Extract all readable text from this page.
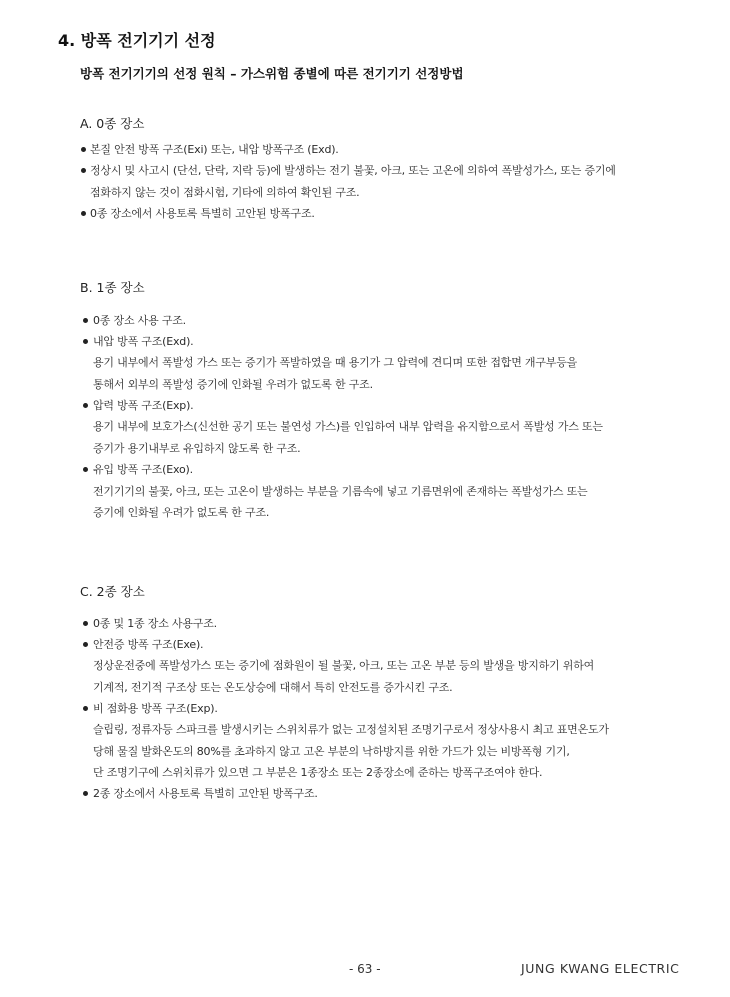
4. 방폭 전기기기 선정
방폭 전기기기의 선정 원칙 – 가스위험 종별에 따른 전기기기 선정방법
A. 0종 장소
본질 안전 방폭 구조(Exi) 또는, 내압 방폭구조 (Exd).
정상시 및 사고시 (단선, 단락, 지락 등)에 발생하는 전기 불꽃, 아크, 또는 고온에 의하여 폭발성가스, 또는 증기에
점화하지 않는 것이 점화시험, 기타에 의하여 확인된 구조.
0종 장소에서 사용토록 특별히 고안된 방폭구조.
B. 1종 장소
0종 장소 사용 구조.
내압 방폭 구조(Exd).
용기 내부에서 폭발성 가스 또는 증기가 폭발하였을 때 용기가 그 압력에 견디며 또한 접합면 개구부등을
통해서 외부의 폭발성 증기에 인화될 우려가 없도록 한 구조.
압력 방폭 구조(Exp).
용기 내부에 보호가스(신선한 공기 또는 불연성 가스)를 인입하여 내부 압력을 유지함으로서 폭발성 가스 또는
증기가 용기내부로 유입하지 않도록 한 구조.
유입 방폭 구조(Exo).
전기기기의 불꽃, 아크, 또는 고온이 발생하는 부분을 기름속에 넣고 기름면위에 존재하는 폭발성가스 또는
증기에 인화될 우려가 없도록 한 구조.
C. 2종 장소
0종 및 1종 장소 사용구조.
안전증 방폭 구조(Exe).
정상운전중에 폭발성가스 또는 증기에 점화원이 될 불꽃, 아크, 또는 고온 부분 등의 발생을 방지하기 위하여
기계적, 전기적 구조상 또는 온도상승에 대해서 특히 안전도를 증가시킨 구조.
비 점화용 방폭 구조(Exp).
슬립링, 정류자등 스파크를 발생시키는 스위치류가 없는 고정설치된 조명기구로서 정상사용시 최고 표면온도가
당해 물질 발화온도의 80%를 초과하지 않고 고온 부분의 낙하방지를 위한 가드가 있는 비방폭형 기기,
단 조명기구에 스위치류가 있으면 그 부분은 1종장소 또는 2종장소에 준하는 방폭구조여야 한다.
2종 장소에서 사용토록 특별히 고안된 방폭구조.
- 63 -	JUNG KWANG ELECTRIC
